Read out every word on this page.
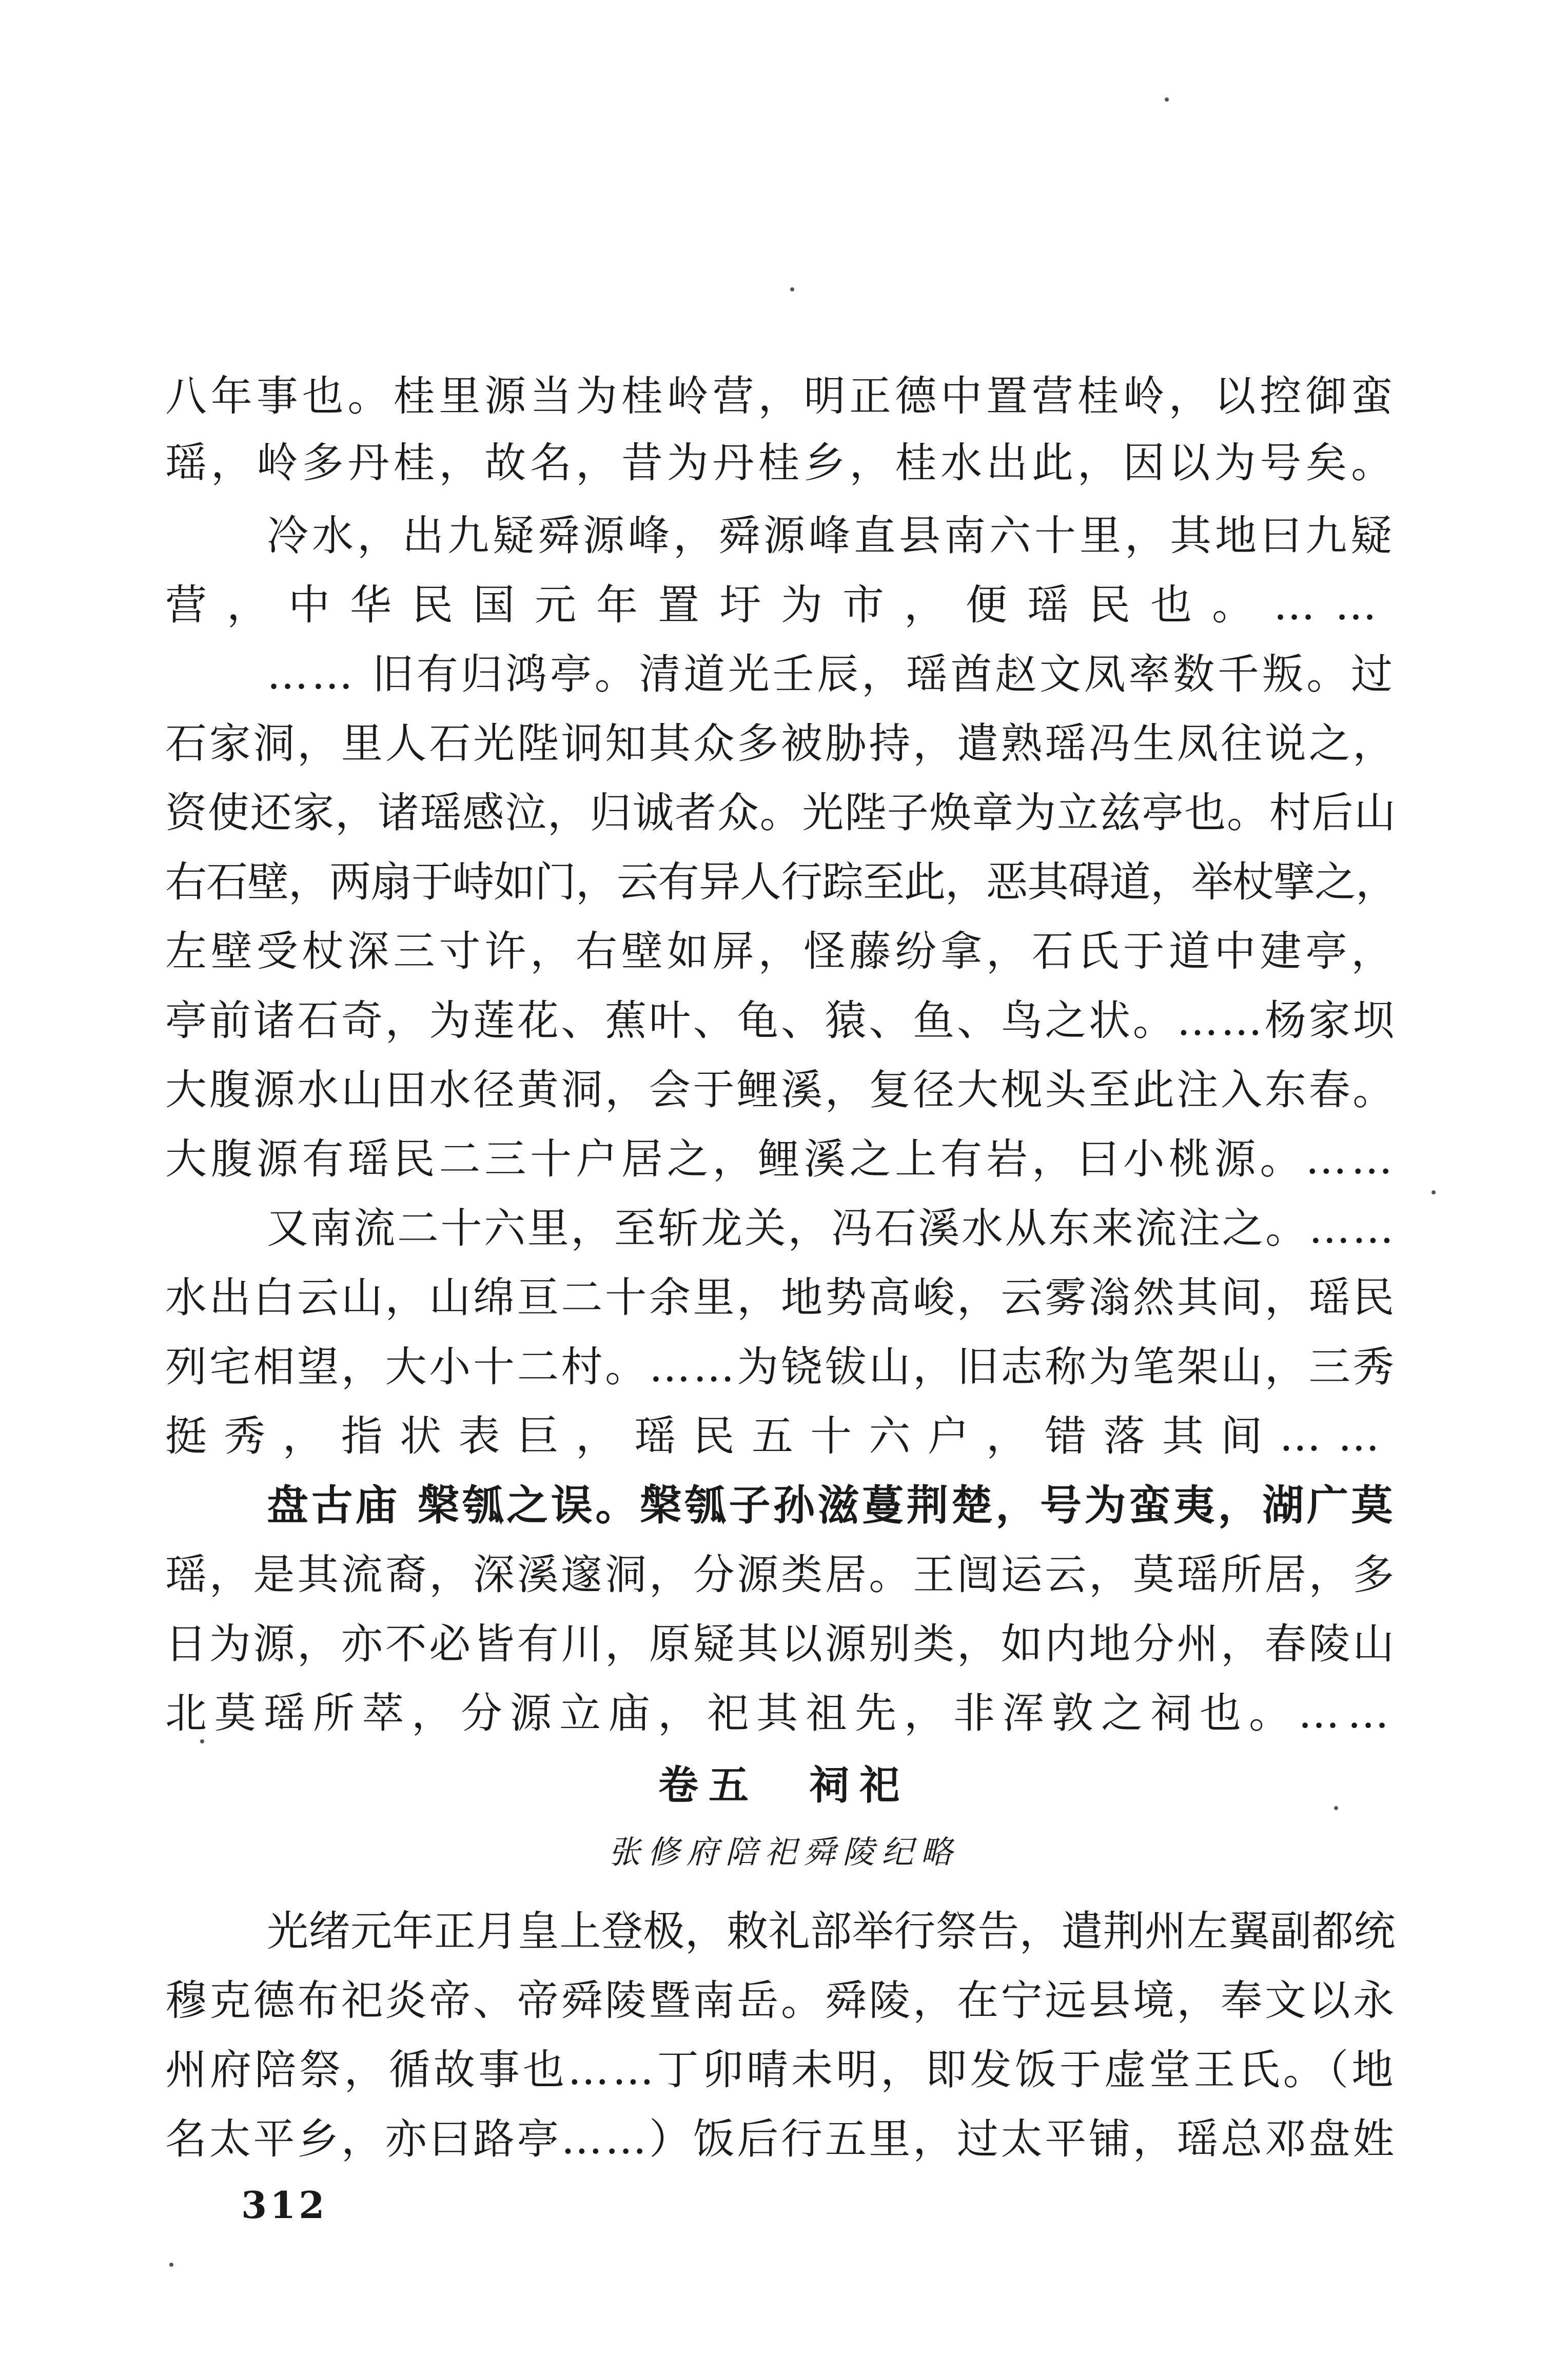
八年事也。桂里源当为桂岭营，明正德中置营桂岭，以控御蛮
瑶，岭多丹桂，故名，昔为丹桂乡，桂水出此，因以为号矣。
冷水，出九疑舜源峰，舜源峰直县南六十里，其地曰九疑
营，中华民国元年置圩为市，便瑶民也。……
…… 旧有归鸿亭。清道光壬辰，瑶酋赵文凤率数千叛。过
石家洞，里人石光陛诇知其众多被胁持，遣熟瑶冯生凤往说之，
资使还家，诸瑶感泣，归诚者众。光陛子焕章为立兹亭也。村后山
右石壁，两扇于峙如门，云有异人行踪至此，恶其碍道，举杖擘之，
左壁受杖深三寸许，右壁如屏，怪藤纷拿，石氏于道中建亭，
亭前诸石奇，为莲花、蕉叶、龟、猿、鱼、鸟之状。……杨家坝
大腹源水山田水径黄洞，会于鲤溪，复径大枧头至此注入东春。
大腹源有瑶民二三十户居之，鲤溪之上有岩，曰小桃源。……
又南流二十六里，至斩龙关，冯石溪水从东来流注之。……
水出白云山，山绵亘二十余里，地势高峻，云雾滃然其间，瑶民
列宅相望，大小十二村。……为铙钹山，旧志称为笔架山，三秀
挺秀，指状表巨，瑶民五十六户，错落其间……
盘古庙 槃瓠之误。槃瓠子孙滋蔓荆楚，号为蛮夷，湖广莫
瑶，是其流裔，深溪邃洞，分源类居。王闿运云，莫瑶所居，多
日为源，亦不必皆有川，原疑其以源别类，如内地分州，春陵山
北莫瑶所萃，分源立庙，祀其祖先，非浑敦之祠也。……
卷五　祠祀
张修府陪祀舜陵纪略
光绪元年正月皇上登极，敕礼部举行祭告，遣荆州左翼副都统
穆克德布祀炎帝、帝舜陵暨南岳。舜陵，在宁远县境，奉文以永
州府陪祭，循故事也……丁卯晴未明，即发饭于虚堂王氏。（地
名太平乡，亦曰路亭……）饭后行五里，过太平铺，瑶总邓盘姓
312
